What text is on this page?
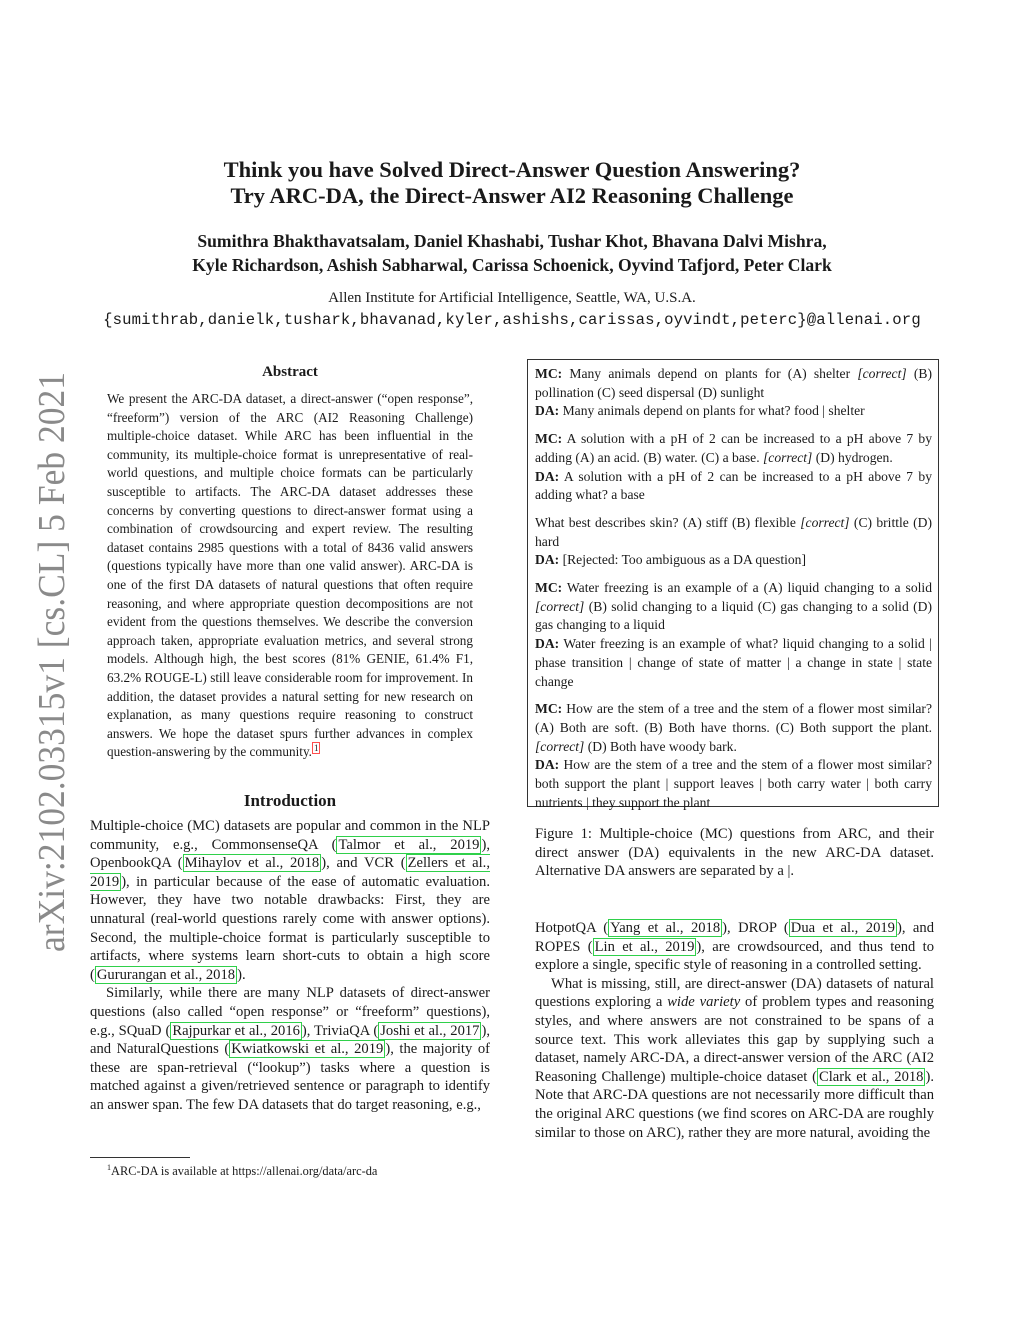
arXiv:2102.03315v1 [cs.CL] 5 Feb 2021
Think you have Solved Direct-Answer Question Answering?
Try ARC-DA, the Direct-Answer AI2 Reasoning Challenge
Sumithra Bhakthavatsalam, Daniel Khashabi, Tushar Khot, Bhavana Dalvi Mishra,
Kyle Richardson, Ashish Sabharwal, Carissa Schoenick, Oyvind Tafjord, Peter Clark
Allen Institute for Artificial Intelligence, Seattle, WA, U.S.A.
{sumithrab,danielk,tushark,bhavanad,kyler,ashishs,carissas,oyvindt,peterc}@allenai.org
Abstract
We present the ARC-DA dataset, a direct-answer (“open response”, “freeform”) version of the ARC (AI2 Reasoning Challenge) multiple-choice dataset. While ARC has been influential in the community, its multiple-choice format is unrepresentative of real-world questions, and multiple choice formats can be particularly susceptible to artifacts. The ARC-DA dataset addresses these concerns by converting questions to direct-answer format using a combination of crowdsourcing and expert review. The resulting dataset contains 2985 questions with a total of 8436 valid answers (questions typically have more than one valid answer). ARC-DA is one of the first DA datasets of natural questions that often require reasoning, and where appropriate question decompositions are not evident from the questions themselves. We describe the conversion approach taken, appropriate evaluation metrics, and several strong models. Although high, the best scores (81% GENIE, 61.4% F1, 63.2% ROUGE-L) still leave considerable room for improvement. In addition, the dataset provides a natural setting for new research on explanation, as many questions require reasoning to construct answers. We hope the dataset spurs further advances in complex question-answering by the community. $^1$
Introduction

Multiple-choice (MC) datasets are popular and common in the NLP community, e.g., CommonsenseQA ( Talmor et al., 2019 ), OpenbookQA ( Mihaylov et al., 2018 ), and VCR ( Zellers et al., 2019 ), in particular because of the ease of automatic evaluation. However, they have two notable drawbacks: First, they are unnatural (real-world questions rarely come with answer options). Second, the multiple-choice format is particularly susceptible to artifacts, where systems learn short-cuts to obtain a high score ( Gururangan et al., 2018 ).

Similarly, while there are many NLP datasets of direct-answer questions (also called “open response” or “freeform” questions), e.g., SQuaD ( Rajpurkar et al., 2016 ), TriviaQA ( Joshi et al., 2017 ), and NaturalQuestions ( Kwiatkowski et al., 2019 ), the majority of these are span-retrieval (“lookup”) tasks where a question is matched against a given/retrieved sentence or paragraph to identify an answer span. The few DA datasets that do target reasoning, e.g.,

$^1$ARC-DA is available at https://allenai.org/data/arc-da
MC: Many animals depend on plants for (A) shelter [correct] (B) pollination (C) seed dispersal (D) sunlight
DA: Many animals depend on plants for what? food | shelter
MC: A solution with a pH of 2 can be increased to a pH above 7 by adding (A) an acid. (B) water. (C) a base. [correct] (D) hydrogen.
DA: A solution with a pH of 2 can be increased to a pH above 7 by adding what? a base
What best describes skin? (A) stiff (B) flexible [correct] (C) brittle (D) hard
DA: [Rejected: Too ambiguous as a DA question]
MC: Water freezing is an example of a (A) liquid changing to a solid [correct] (B) solid changing to a liquid (C) gas changing to a solid (D) gas changing to a liquid
DA: Water freezing is an example of what? liquid changing to a solid | phase transition | change of state of matter | a change in state | state change
MC: How are the stem of a tree and the stem of a flower most similar? (A) Both are soft. (B) Both have thorns. (C) Both support the plant. [correct] (D) Both have woody bark.
DA: How are the stem of a tree and the stem of a flower most similar? both support the plant | support leaves | both carry water | both carry nutrients | they support the plant
Figure 1: Multiple-choice (MC) questions from ARC, and their direct answer (DA) equivalents in the new ARC-DA dataset. Alternative DA answers are separated by a |.

HotpotQA ( Yang et al., 2018 ), DROP ( Dua et al., 2019 ), and ROPES ( Lin et al., 2019 ), are crowdsourced, and thus tend to explore a single, specific style of reasoning in a controlled setting.

What is missing, still, are direct-answer (DA) datasets of natural questions exploring a wide variety of problem types and reasoning styles, and where answers are not constrained to be spans of a source text. This work alleviates this gap by supplying such a dataset, namely ARC-DA, a direct-answer version of the ARC (AI2 Reasoning Challenge) multiple-choice dataset ( Clark et al., 2018 ). Note that ARC-DA questions are not necessarily more difficult than the original ARC questions (we find scores on ARC-DA are roughly similar to those on ARC), rather they are more natural, avoiding the
